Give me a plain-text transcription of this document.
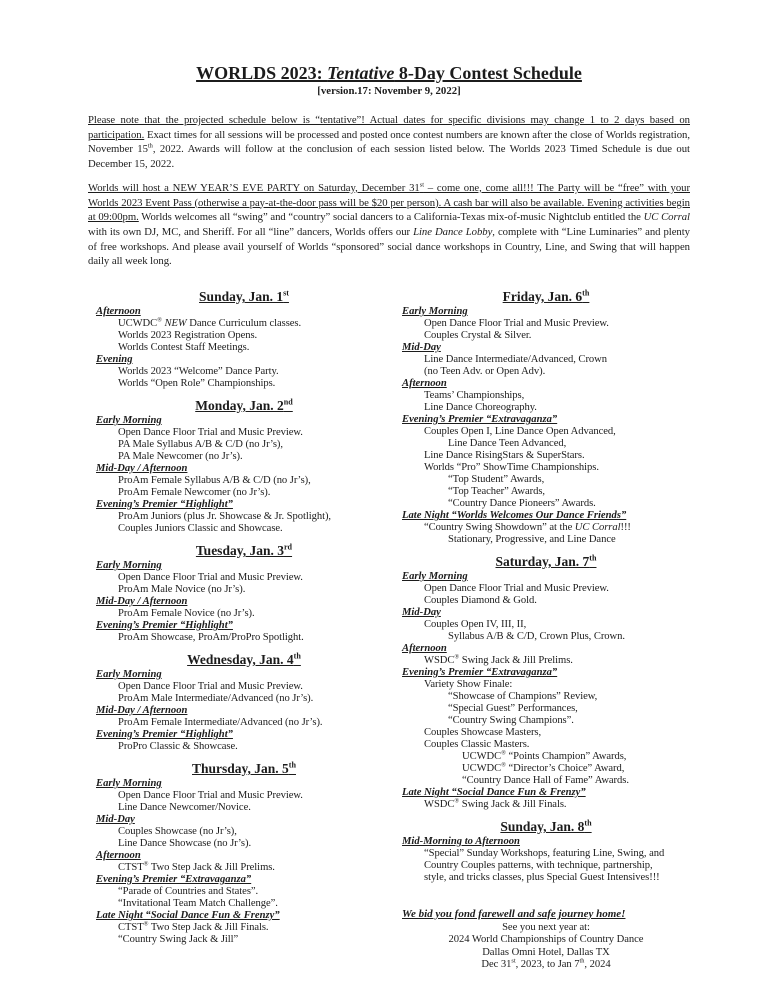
WORLDS 2023: Tentative 8-Day Contest Schedule
[version.17: November 9, 2022]

Please note that the projected schedule below is “tentative”! Actual dates for specific divisions may change 1 to 2 days based on participation. Exact times for all sessions will be processed and posted once contest numbers are known after the close of Worlds registration, November 15th, 2022. Awards will follow at the conclusion of each session listed below. The Worlds 2023 Timed Schedule is due out December 15, 2022.

Worlds will host a NEW YEAR’S EVE PARTY on Saturday, December 31st – come one, come all!!! The Party will be “free” with your Worlds 2023 Event Pass (otherwise a pay-at-the-door pass will be $20 per person). A cash bar will also be available. Evening activities begin at 09:00pm. Worlds welcomes all “swing” and “country” social dancers to a California-Texas mix-of-music Nightclub entitled the UC Corral with its own DJ, MC, and Sheriff. For all “line” dancers, Worlds offers our Line Dance Lobby, complete with “Line Luminaries” and plenty of free workshops. And please avail yourself of Worlds “sponsored” social dance workshops in Country, Line, and Swing that will happen daily all week long.

Sunday, Jan. 1st
Afternoon
UCWDC® NEW Dance Curriculum classes.
Worlds 2023 Registration Opens.
Worlds Contest Staff Meetings.
Evening
Worlds 2023 “Welcome” Dance Party.
Worlds “Open Role” Championships.
Monday, Jan. 2nd
Early Morning
Open Dance Floor Trial and Music Preview.
PA Male Syllabus A/B & C/D (no Jr’s),
PA Male Newcomer (no Jr’s).
Mid-Day / Afternoon
ProAm Female Syllabus A/B & C/D (no Jr’s),
ProAm Female Newcomer (no Jr’s).
Evening’s Premier “Highlight”
ProAm Juniors (plus Jr. Showcase & Jr. Spotlight),
Couples Juniors Classic and Showcase.
Tuesday, Jan. 3rd
Early Morning
Open Dance Floor Trial and Music Preview.
ProAm Male Novice (no Jr’s).
Mid-Day / Afternoon
ProAm Female Novice (no Jr’s).
Evening’s Premier “Highlight”
ProAm Showcase, ProAm/ProPro Spotlight.
Wednesday, Jan. 4th
Early Morning
Open Dance Floor Trial and Music Preview.
ProAm Male Intermediate/Advanced (no Jr’s).
Mid-Day / Afternoon
ProAm Female Intermediate/Advanced (no Jr’s).
Evening’s Premier “Highlight”
ProPro Classic & Showcase.
Thursday, Jan. 5th
Early Morning
Open Dance Floor Trial and Music Preview.
Line Dance Newcomer/Novice.
Mid-Day
Couples Showcase (no Jr’s),
Line Dance Showcase (no Jr’s).
Afternoon
CTST® Two Step Jack & Jill Prelims.
Evening’s Premier “Extravaganza”
“Parade of Countries and States”.
“Invitational Team Match Challenge”.
Late Night “Social Dance Fun & Frenzy”
CTST® Two Step Jack & Jill Finals.
“Country Swing Jack & Jill”
Friday, Jan. 6th
Early Morning
Open Dance Floor Trial and Music Preview.
Couples Crystal & Silver.
Mid-Day
Line Dance Intermediate/Advanced, Crown
(no Teen Adv. or Open Adv).
Afternoon
Teams’ Championships,
Line Dance Choreography.
Evening’s Premier “Extravaganza”
Couples Open I, Line Dance Open Advanced,
Line Dance Teen Advanced,
Line Dance RisingStars & SuperStars.
Worlds “Pro” ShowTime Championships.
“Top Student” Awards,
“Top Teacher” Awards,
“Country Dance Pioneers” Awards.
Late Night “Worlds Welcomes Our Dance Friends”
“Country Swing Showdown” at the UC Corral!!!
Stationary, Progressive, and Line Dance
Saturday, Jan. 7th
Early Morning
Open Dance Floor Trial and Music Preview.
Couples Diamond & Gold.
Mid-Day
Couples Open IV, III, II,
Syllabus A/B & C/D, Crown Plus, Crown.
Afternoon
WSDC® Swing Jack & Jill Prelims.
Evening’s Premier “Extravaganza”
Variety Show Finale:
“Showcase of Champions” Review,
“Special Guest” Performances,
“Country Swing Champions”.
Couples Showcase Masters,
Couples Classic Masters.
UCWDC® “Points Champion” Awards,
UCWDC® “Director’s Choice” Award,
“Country Dance Hall of Fame” Awards.
Late Night “Social Dance Fun & Frenzy”
WSDC® Swing Jack & Jill Finals.
Sunday, Jan. 8th
Mid-Morning to Afternoon
“Special” Sunday Workshops, featuring Line, Swing, and
Country Couples patterns, with technique, partnership,
style, and tricks classes, plus Special Guest Intensives!!!
We bid you fond farewell and safe journey home!
See you next year at:
2024 World Championships of Country Dance
Dallas Omni Hotel, Dallas TX
Dec 31st, 2023, to Jan 7th, 2024
